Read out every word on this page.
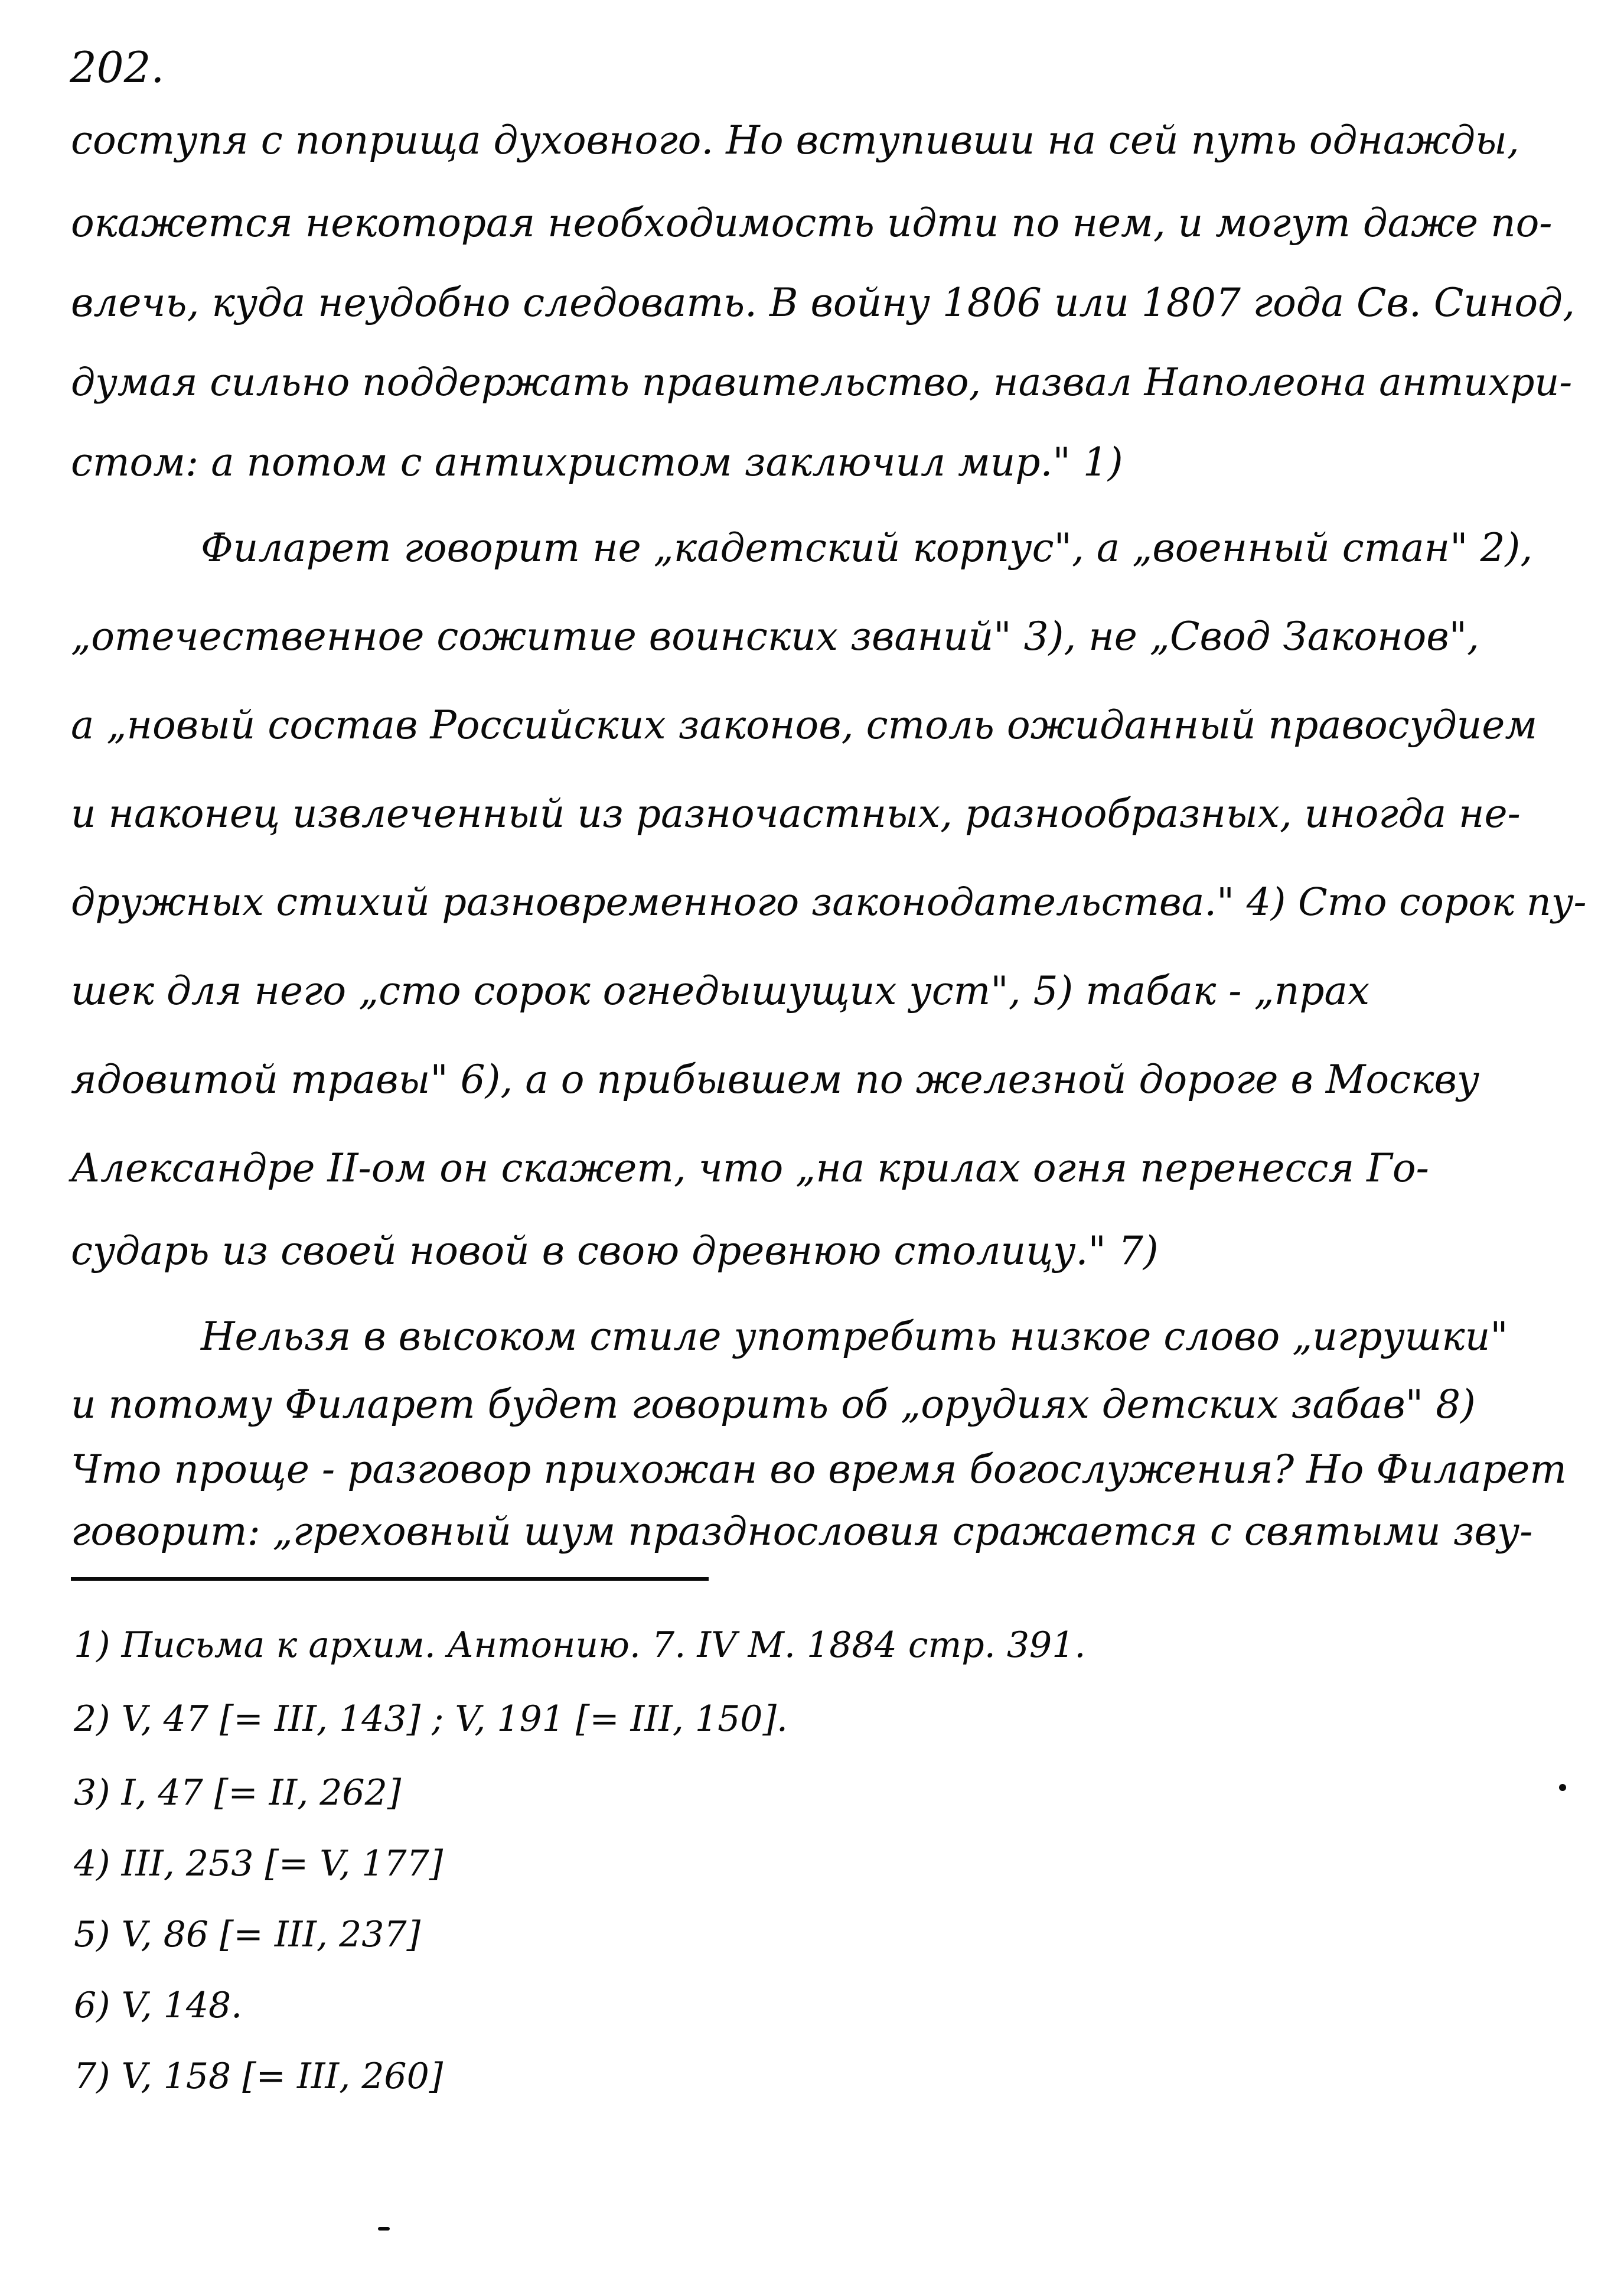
202.
соступя с поприща духовного. Но вступивши на сей путь однажды,
окажется некоторая необходимость идти по нем, и могут даже по-
влечь, куда неудобно следовать. В войну 1806 или 1807 года Св. Синод,
думая сильно поддержать правительство, назвал Наполеона антихри-
стом: а потом с антихристом заключил мир." 1)
Филарет говорит не „кадетский корпус", а „военный стан" 2),
„отечественное сожитие воинских званий" 3), не „Свод Законов",
а „новый состав Российских законов, столь ожиданный правосудием
и наконец извлеченный из разночастных, разнообразных, иногда не-
дружных стихий разновременного законодательства." 4) Сто сорок пу-
шек для него „сто сорок огнедышущих уст", 5) табак - „прах
ядовитой травы" 6), а о прибывшем по железной дороге в Москву
Александре II-ом он скажет, что „на крилах огня перенесся Го-
сударь из своей новой в свою древнюю столицу." 7)
Нельзя в высоком стиле употребить низкое слово „игрушки"
и потому Филарет будет говорить об „орудиях детских забав" 8)
Что проще - разговор прихожан во время богослужения? Но Филарет
говорит: „греховный шум празднословия сражается с святыми зву-
1) Письма к архим. Антонию. 7. IV М. 1884 стр. 391.
2) V, 47 [= III, 143] ; V, 191 [= III, 150].
3) I, 47 [= II, 262]
4) III, 253 [= V, 177]
5) V, 86 [= III, 237]
6) V, 148.
7) V, 158 [= III, 260]
